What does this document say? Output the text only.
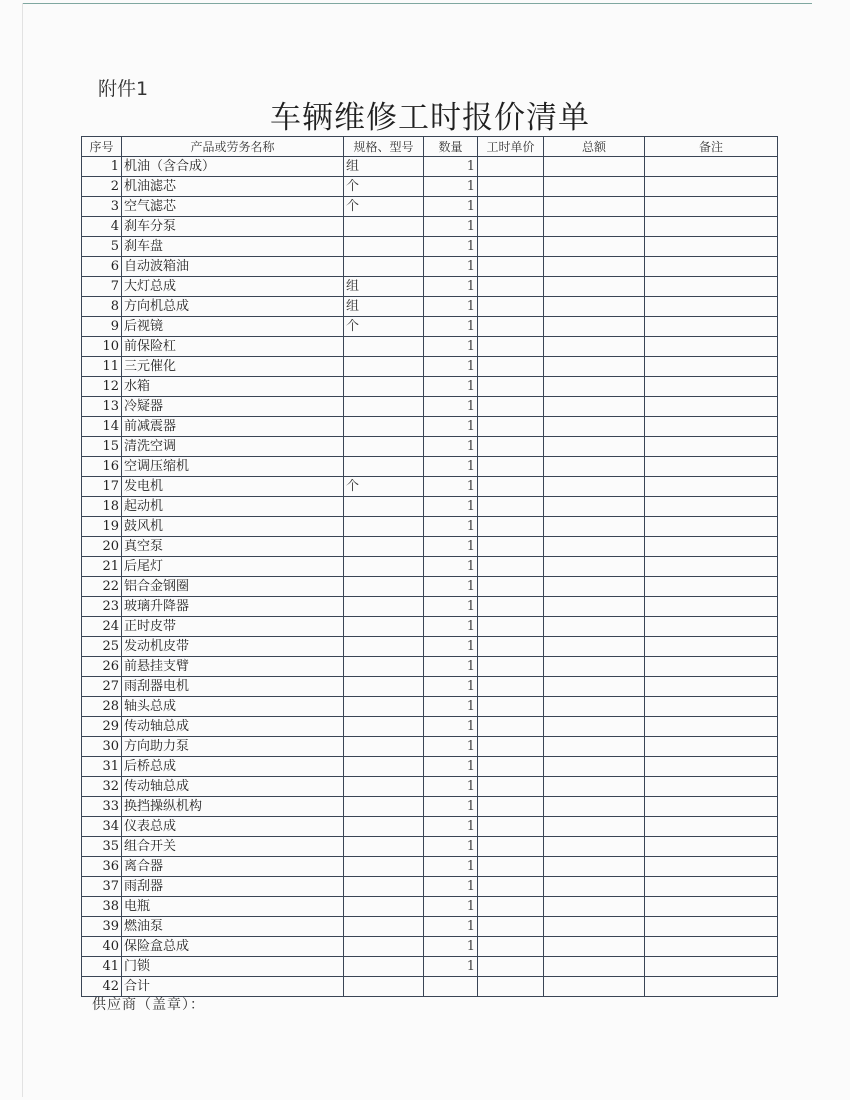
附件1
车辆维修工时报价清单
序号	产品或劳务名称	规格、型号	数量	工时单价	总额	备注
1	机油（含合成）	组	1			
2	机油滤芯	个	1			
3	空气滤芯	个	1			
4	刹车分泵		1			
5	刹车盘		1			
6	自动波箱油		1			
7	大灯总成	组	1			
8	方向机总成	组	1			
9	后视镜	个	1			
10	前保险杠		1			
11	三元催化		1			
12	水箱		1			
13	冷疑器		1			
14	前减震器		1			
15	清洗空调		1			
16	空调压缩机		1			
17	发电机	个	1			
18	起动机		1			
19	鼓风机		1			
20	真空泵		1			
21	后尾灯		1			
22	铝合金钢圈		1			
23	玻璃升降器		1			
24	正时皮带		1			
25	发动机皮带		1			
26	前悬挂支臂		1			
27	雨刮器电机		1			
28	轴头总成		1			
29	传动轴总成		1			
30	方向助力泵		1			
31	后桥总成		1			
32	传动轴总成		1			
33	换挡操纵机构		1			
34	仪表总成		1			
35	组合开关		1			
36	离合器		1			
37	雨刮器		1			
38	电瓶		1			
39	燃油泵		1			
40	保险盒总成		1			
41	门锁		1			
42	合计					
供应商（盖章）：
